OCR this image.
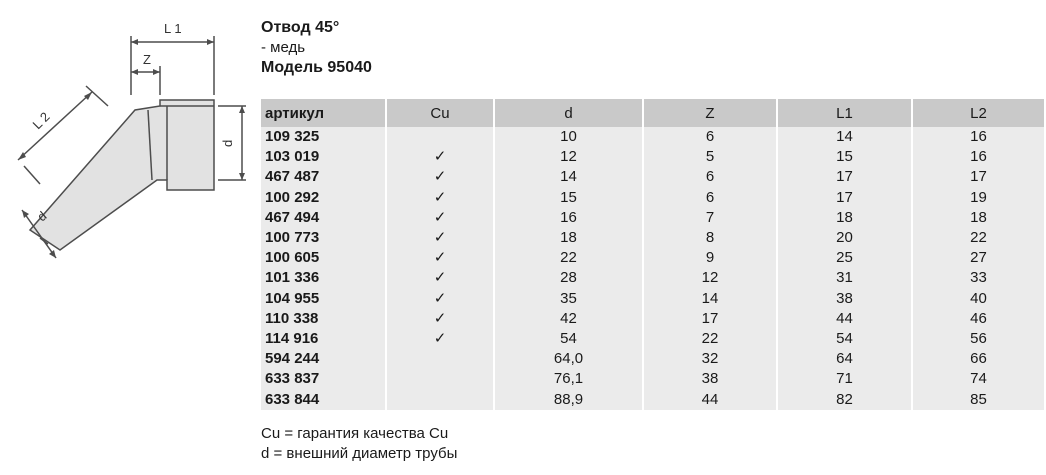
L 1
Z
d
L 2
d
Отвод 45°
- медь
Модель 95040
артикул	Cu	d	Z	L1	L2
109 325		10	6	14	16
103 019	✓	12	5	15	16
467 487	✓	14	6	17	17
100 292	✓	15	6	17	19
467 494	✓	16	7	18	18
100 773	✓	18	8	20	22
100 605	✓	22	9	25	27
101 336	✓	28	12	31	33
104 955	✓	35	14	38	40
110 338	✓	42	17	44	46
114 916	✓	54	22	54	56
594 244		64,0	32	64	66
633 837		76,1	38	71	74
633 844		88,9	44	82	85
Cu = гарантия качества Cu
d = внешний диаметр трубы
